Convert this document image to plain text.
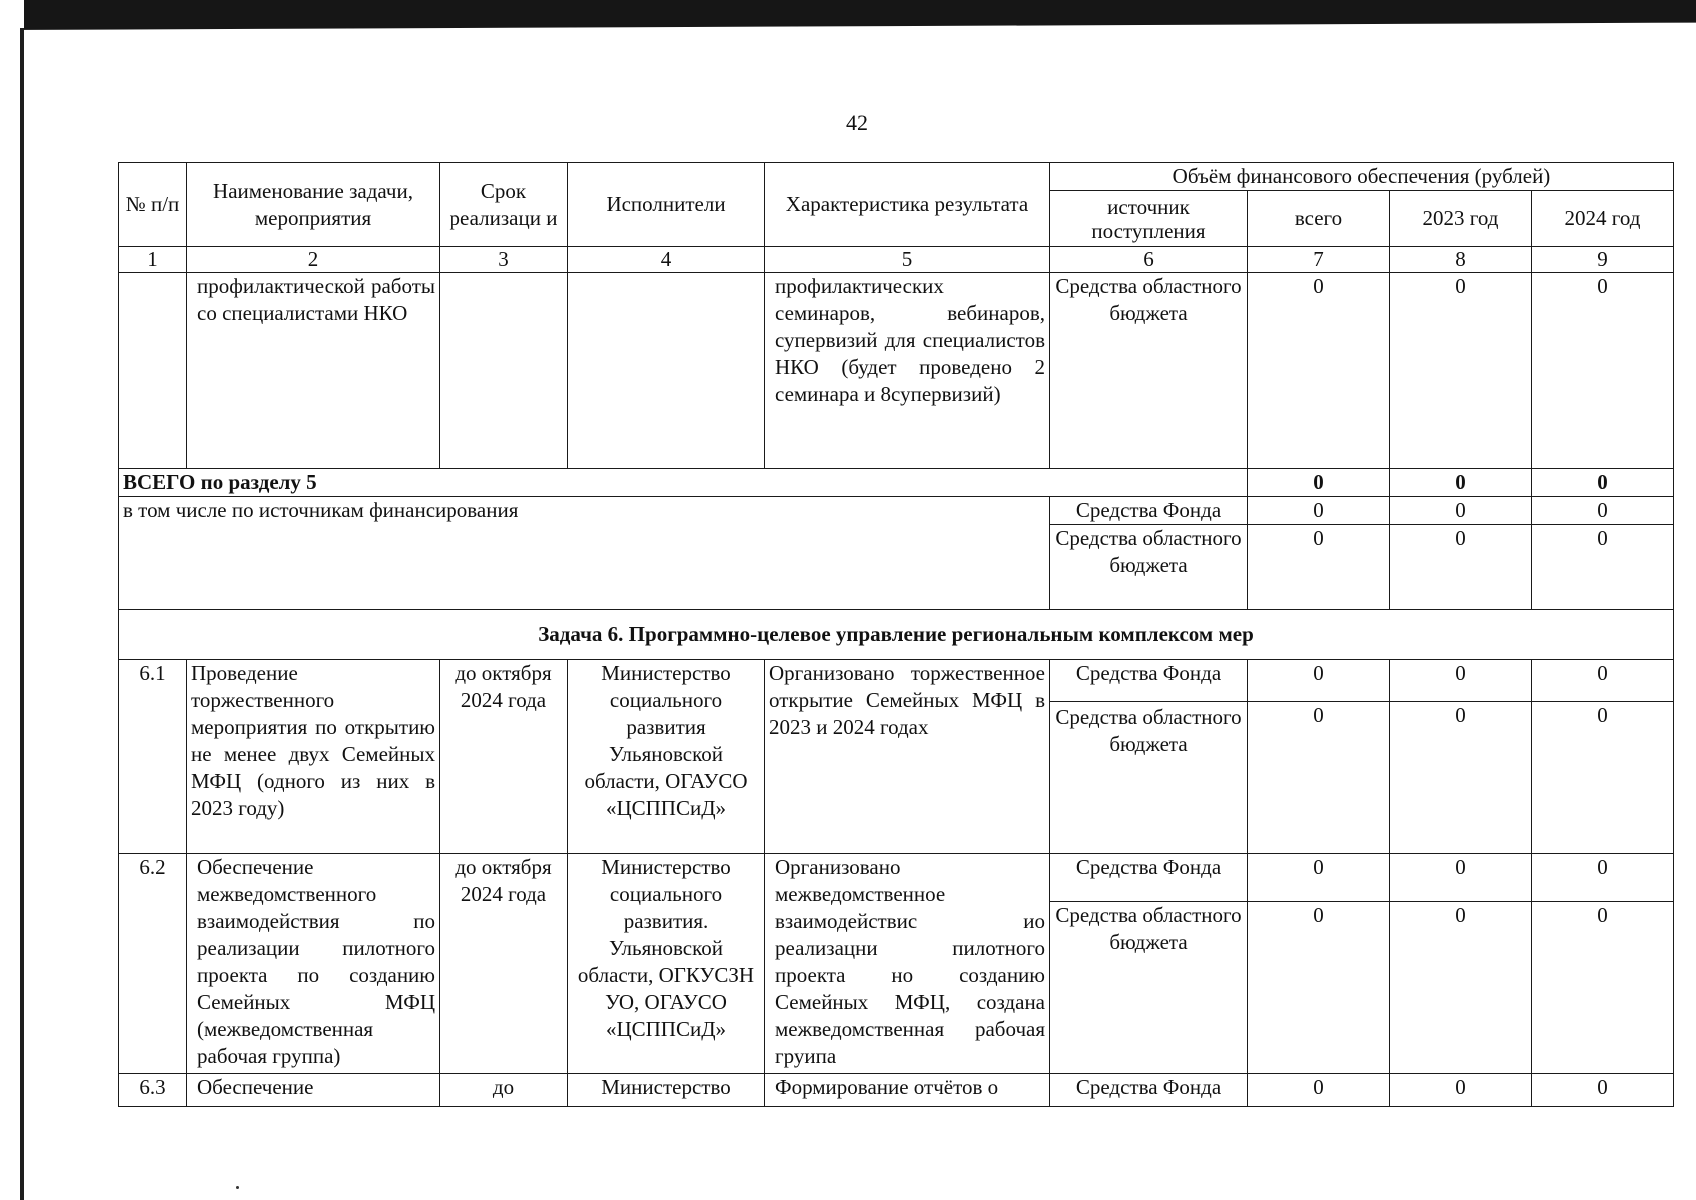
42
№ п/п	Наименование задачи, мероприятия	Срок реализаци и	Исполнители	Характеристика результата	Объём финансового обеспечения (рублей)			
					источник поступления	всего	2023 год	2024 год
1	2	3	4	5	6	7	8	9
	профилактической работы со специалистами НКО			профилактических семинаров, вебинаров, супервизий для специалистов НКО (будет проведено 2 семинара и 8супервизий)	Средства областного бюджета	0	0	0
ВСЕГО по разделу 5						0	0	0
в том числе по источникам финансирования					Средства Фонда	0	0	0
					Средства областного бюджета	0	0	0
Задача 6. Программно-целевое управление региональным комплексом мер								
6.1	Проведение торжественного мероприятия по открытию не менее двух Семейных МФЦ (одного из них в 2023 году)	до октября 2024 года	Министерство социального развития Ульяновской области, ОГАУСО «ЦСППСиД»	Организовано торжественное открытие Семейных МФЦ в 2023 и 2024 годах	Средства Фонда	0	0	0
					Средства областного бюджета	0	0	0
6.2	Обеспечение межведомственного взаимодействия по реализации пилотного проекта по созданию Семейных МФЦ (межведомственная рабочая группа)	до октября 2024 года	Министерство социального развития. Ульяновской области, ОГКУСЗН УО, ОГАУСО «ЦСППСиД»	Организовано межведомственное взаимодействис ио реализацни пилотного проекта но созданию Семейных МФЦ, создана межведомственная рабочая груипа	Средства Фонда	0	0	0
					Средства областного бюджета	0	0	0
6.3	Обеспечение	до	Министерство	Формирование отчётов о	Средства Фонда	0	0	0
